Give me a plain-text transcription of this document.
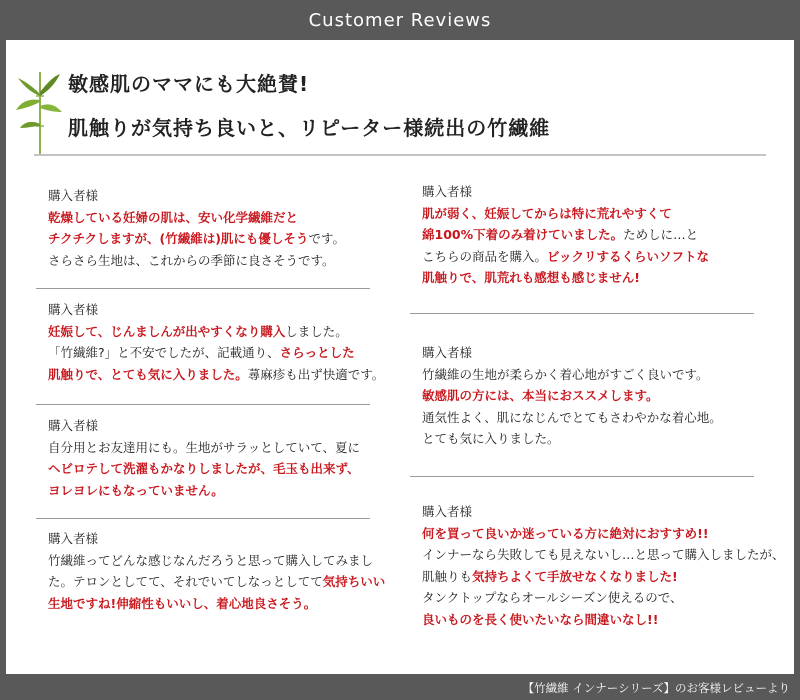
Customer Reviews
敏感肌のママにも大絶賛!
肌触りが気持ち良いと、リピーター様続出の竹繊維
購入者様
乾燥している妊婦の肌は、安い化学繊維だと
チクチクしますが、(竹繊維は)肌にも優しそうです。
さらさら生地は、これからの季節に良さそうです。
購入者様
妊娠して、じんましんが出やすくなり購入しました。
「竹繊維?」と不安でしたが、記載通り、さらっとした
肌触りで、とても気に入りました。蕁麻疹も出ず快適です。
購入者様
自分用とお友達用にも。生地がサラッとしていて、夏に
ヘビロテして洗濯もかなりしましたが、毛玉も出来ず、
ヨレヨレにもなっていません。
購入者様
竹繊維ってどんな感じなんだろうと思って購入してみまし
た。テロンとしてて、それでいてしなっとしてて気持ちいい
生地ですね!伸縮性もいいし、着心地良さそう。
購入者様
肌が弱く、妊娠してからは特に荒れやすくて
綿100%下着のみ着けていました。ためしに…と
こちらの商品を購入。ビックリするくらいソフトな
肌触りで、肌荒れも感想も感じません!
購入者様
竹繊維の生地が柔らかく着心地がすごく良いです。
敏感肌の方には、本当におススメします。
通気性よく、肌になじんでとてもさわやかな着心地。
とても気に入りました。
購入者様
何を買って良いか迷っている方に絶対におすすめ!!
インナーなら失敗しても見えないし…と思って購入しましたが、
肌触りも気持ちよくて手放せなくなりました!
タンクトップならオールシーズン使えるので、
良いものを長く使いたいなら間違いなし!!
【竹繊維 インナーシリーズ】のお客様レビューより
